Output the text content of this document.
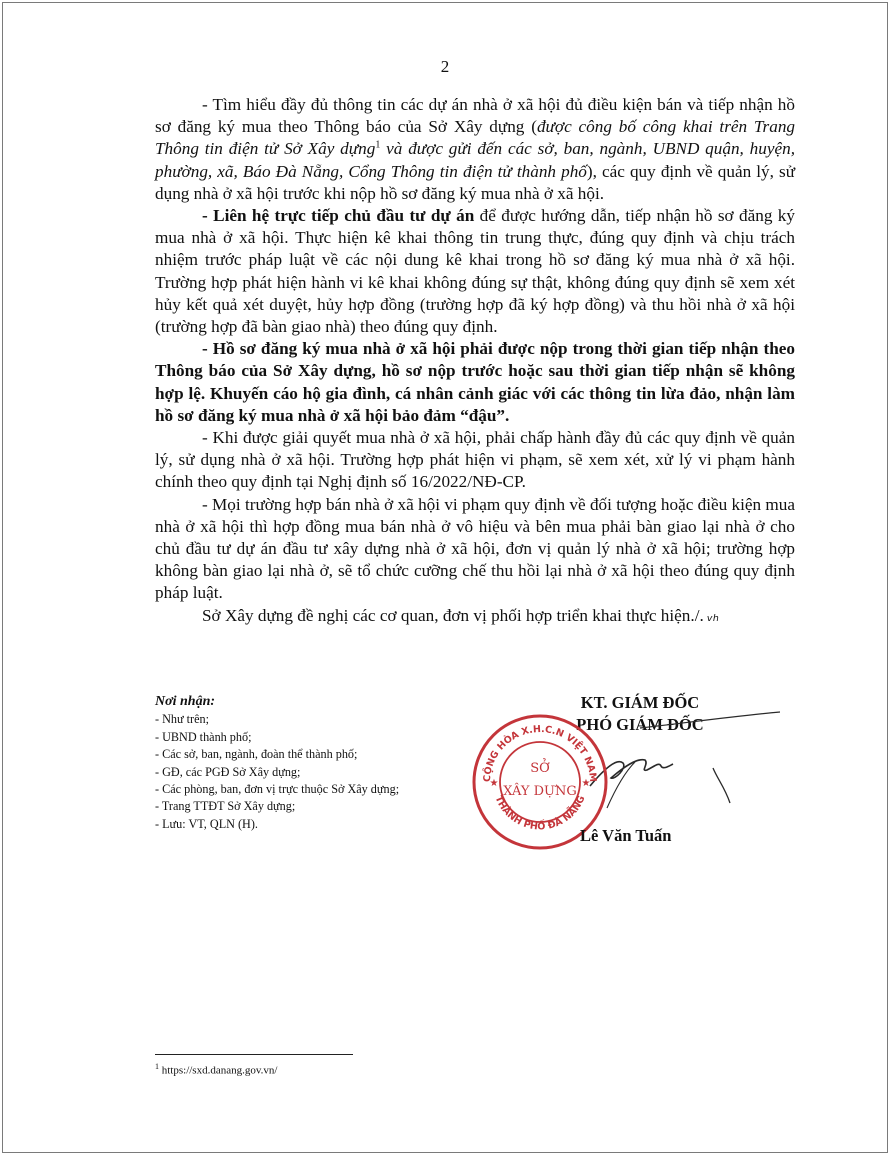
2

- Tìm hiểu đầy đủ thông tin các dự án nhà ở xã hội đủ điều kiện bán và tiếp nhận hồ sơ đăng ký mua theo Thông báo của Sở Xây dựng (được công bố công khai trên Trang Thông tin điện tử Sở Xây dựng$^1$ và được gửi đến các sở, ban, ngành, UBND quận, huyện, phường, xã, Báo Đà Nẵng, Cổng Thông tin điện tử thành phố), các quy định về quản lý, sử dụng nhà ở xã hội trước khi nộp hồ sơ đăng ký mua nhà ở xã hội.

- Liên hệ trực tiếp chủ đầu tư dự án để được hướng dẫn, tiếp nhận hồ sơ đăng ký mua nhà ở xã hội. Thực hiện kê khai thông tin trung thực, đúng quy định và chịu trách nhiệm trước pháp luật về các nội dung kê khai trong hồ sơ đăng ký mua nhà ở xã hội. Trường hợp phát hiện hành vi kê khai không đúng sự thật, không đúng quy định sẽ xem xét hủy kết quả xét duyệt, hủy hợp đồng (trường hợp đã ký hợp đồng) và thu hồi nhà ở xã hội (trường hợp đã bàn giao nhà) theo đúng quy định.

- Hồ sơ đăng ký mua nhà ở xã hội phải được nộp trong thời gian tiếp nhận theo Thông báo của Sở Xây dựng, hồ sơ nộp trước hoặc sau thời gian tiếp nhận sẽ không hợp lệ. Khuyến cáo hộ gia đình, cá nhân cảnh giác với các thông tin lừa đảo, nhận làm hồ sơ đăng ký mua nhà ở xã hội bảo đảm “đậu”.

- Khi được giải quyết mua nhà ở xã hội, phải chấp hành đầy đủ các quy định về quản lý, sử dụng nhà ở xã hội. Trường hợp phát hiện vi phạm, sẽ xem xét, xử lý vi phạm hành chính theo quy định tại Nghị định số 16/2022/NĐ-CP.

- Mọi trường hợp bán nhà ở xã hội vi phạm quy định về đối tượng hoặc điều kiện mua nhà ở xã hội thì hợp đồng mua bán nhà ở vô hiệu và bên mua phải bàn giao lại nhà ở cho chủ đầu tư dự án đầu tư xây dựng nhà ở xã hội, đơn vị quản lý nhà ở xã hội; trường hợp không bàn giao lại nhà ở, sẽ tổ chức cưỡng chế thu hồi lại nhà ở xã hội theo đúng quy định pháp luật.

Sở Xây dựng đề nghị các cơ quan, đơn vị phối hợp triển khai thực hiện./. ᵥₕ

Nơi nhận:
- Như trên;
- UBND thành phố;
- Các sở, ban, ngành, đoàn thể thành phố;
- GĐ, các PGĐ Sở Xây dựng;
- Các phòng, ban, đơn vị trực thuộc Sở Xây dựng;
- Trang TTĐT Sở Xây dựng;
- Lưu: VT, QLN (H).
KT. GIÁM ĐỐC
PHÓ GIÁM ĐỐC
CỘNG HÒA X.H.C.N VIỆT NAM
THÀNH PHỐ ĐÀ NẴNG
SỞ
XÂY DỰNG
★	★
Lê Văn Tuấn
$^1$ https://sxd.danang.gov.vn/
